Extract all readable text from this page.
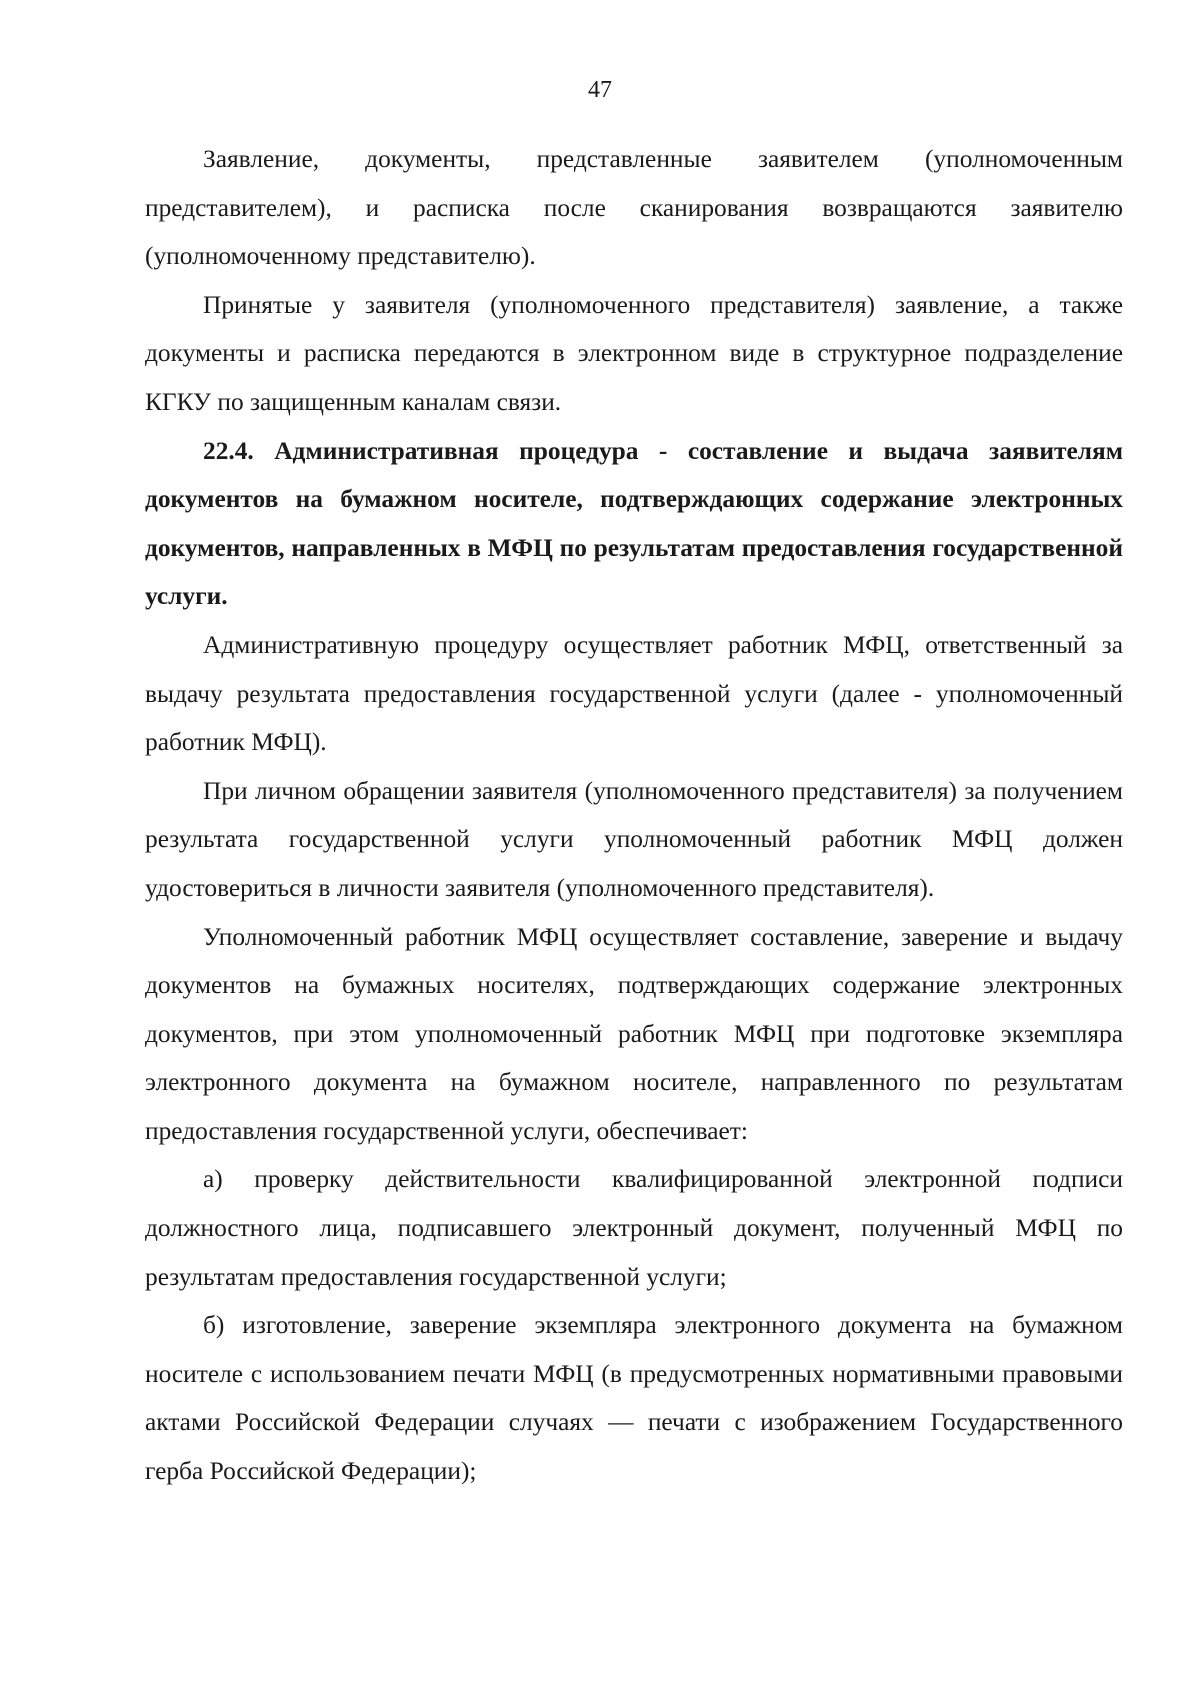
47

Заявление, документы, представленные заявителем (уполномоченным представителем), и расписка после сканирования возвращаются заявителю (уполномоченному представителю).

Принятые у заявителя (уполномоченного представителя) заявление, а также документы и расписка передаются в электронном виде в структурное подразделение КГКУ по защищенным каналам связи.

22.4. Административная процедура - составление и выдача заявителям документов на бумажном носителе, подтверждающих содержание электронных документов, направленных в МФЦ по результатам предоставления государственной услуги.

Административную процедуру осуществляет работник МФЦ, ответственный за выдачу результата предоставления государственной услуги (далее - уполномоченный работник МФЦ).

При личном обращении заявителя (уполномоченного представителя) за получением результата государственной услуги уполномоченный работник МФЦ должен удостовериться в личности заявителя (уполномоченного представителя).

Уполномоченный работник МФЦ осуществляет составление, заверение и выдачу документов на бумажных носителях, подтверждающих содержание электронных документов, при этом уполномоченный работник МФЦ при подготовке экземпляра электронного документа на бумажном носителе, направленного по результатам предоставления государственной услуги, обеспечивает:

а) проверку действительности квалифицированной электронной подписи должностного лица, подписавшего электронный документ, полученный МФЦ по результатам предоставления государственной услуги;

б) изготовление, заверение экземпляра электронного документа на бумажном носителе с использованием печати МФЦ (в предусмотренных нормативными правовыми актами Российской Федерации случаях — печати с изображением Государственного герба Российской Федерации);
